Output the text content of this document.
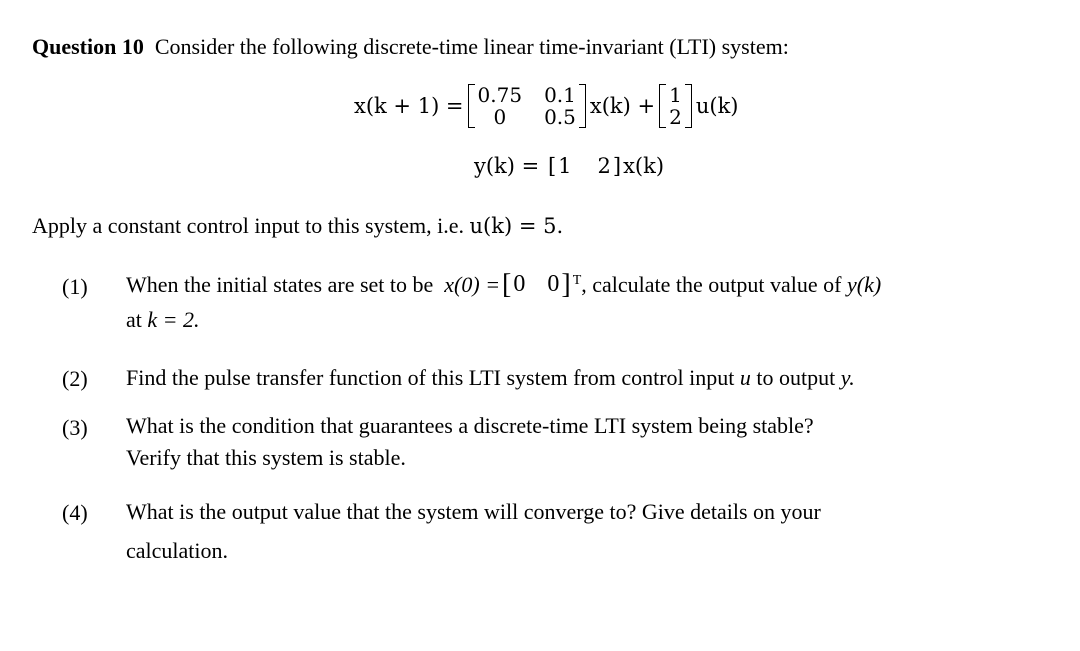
Question 10 Consider the following discrete-time linear time-invariant (LTI) system:
x(k + 1) = 0.75 0.1
0	0.5 x(k) + 1
2 u(k)
y(k) =
[ 1 2 ] x(k)
Apply a constant control input to this system, i.e. u(k) = 5.
(1) When the initial states are set to be
x(0) = [ 0 0 ]$^T$ , calculate the output value of
y(k)
at k = 2.
(2) Find the pulse transfer function of this LTI system from control input u to output y.
(3) What is the condition that guarantees a discrete-time LTI system being stable?
Verify that this system is stable.
(4) What is the output value that the system will converge to? Give details on your
calculation.
